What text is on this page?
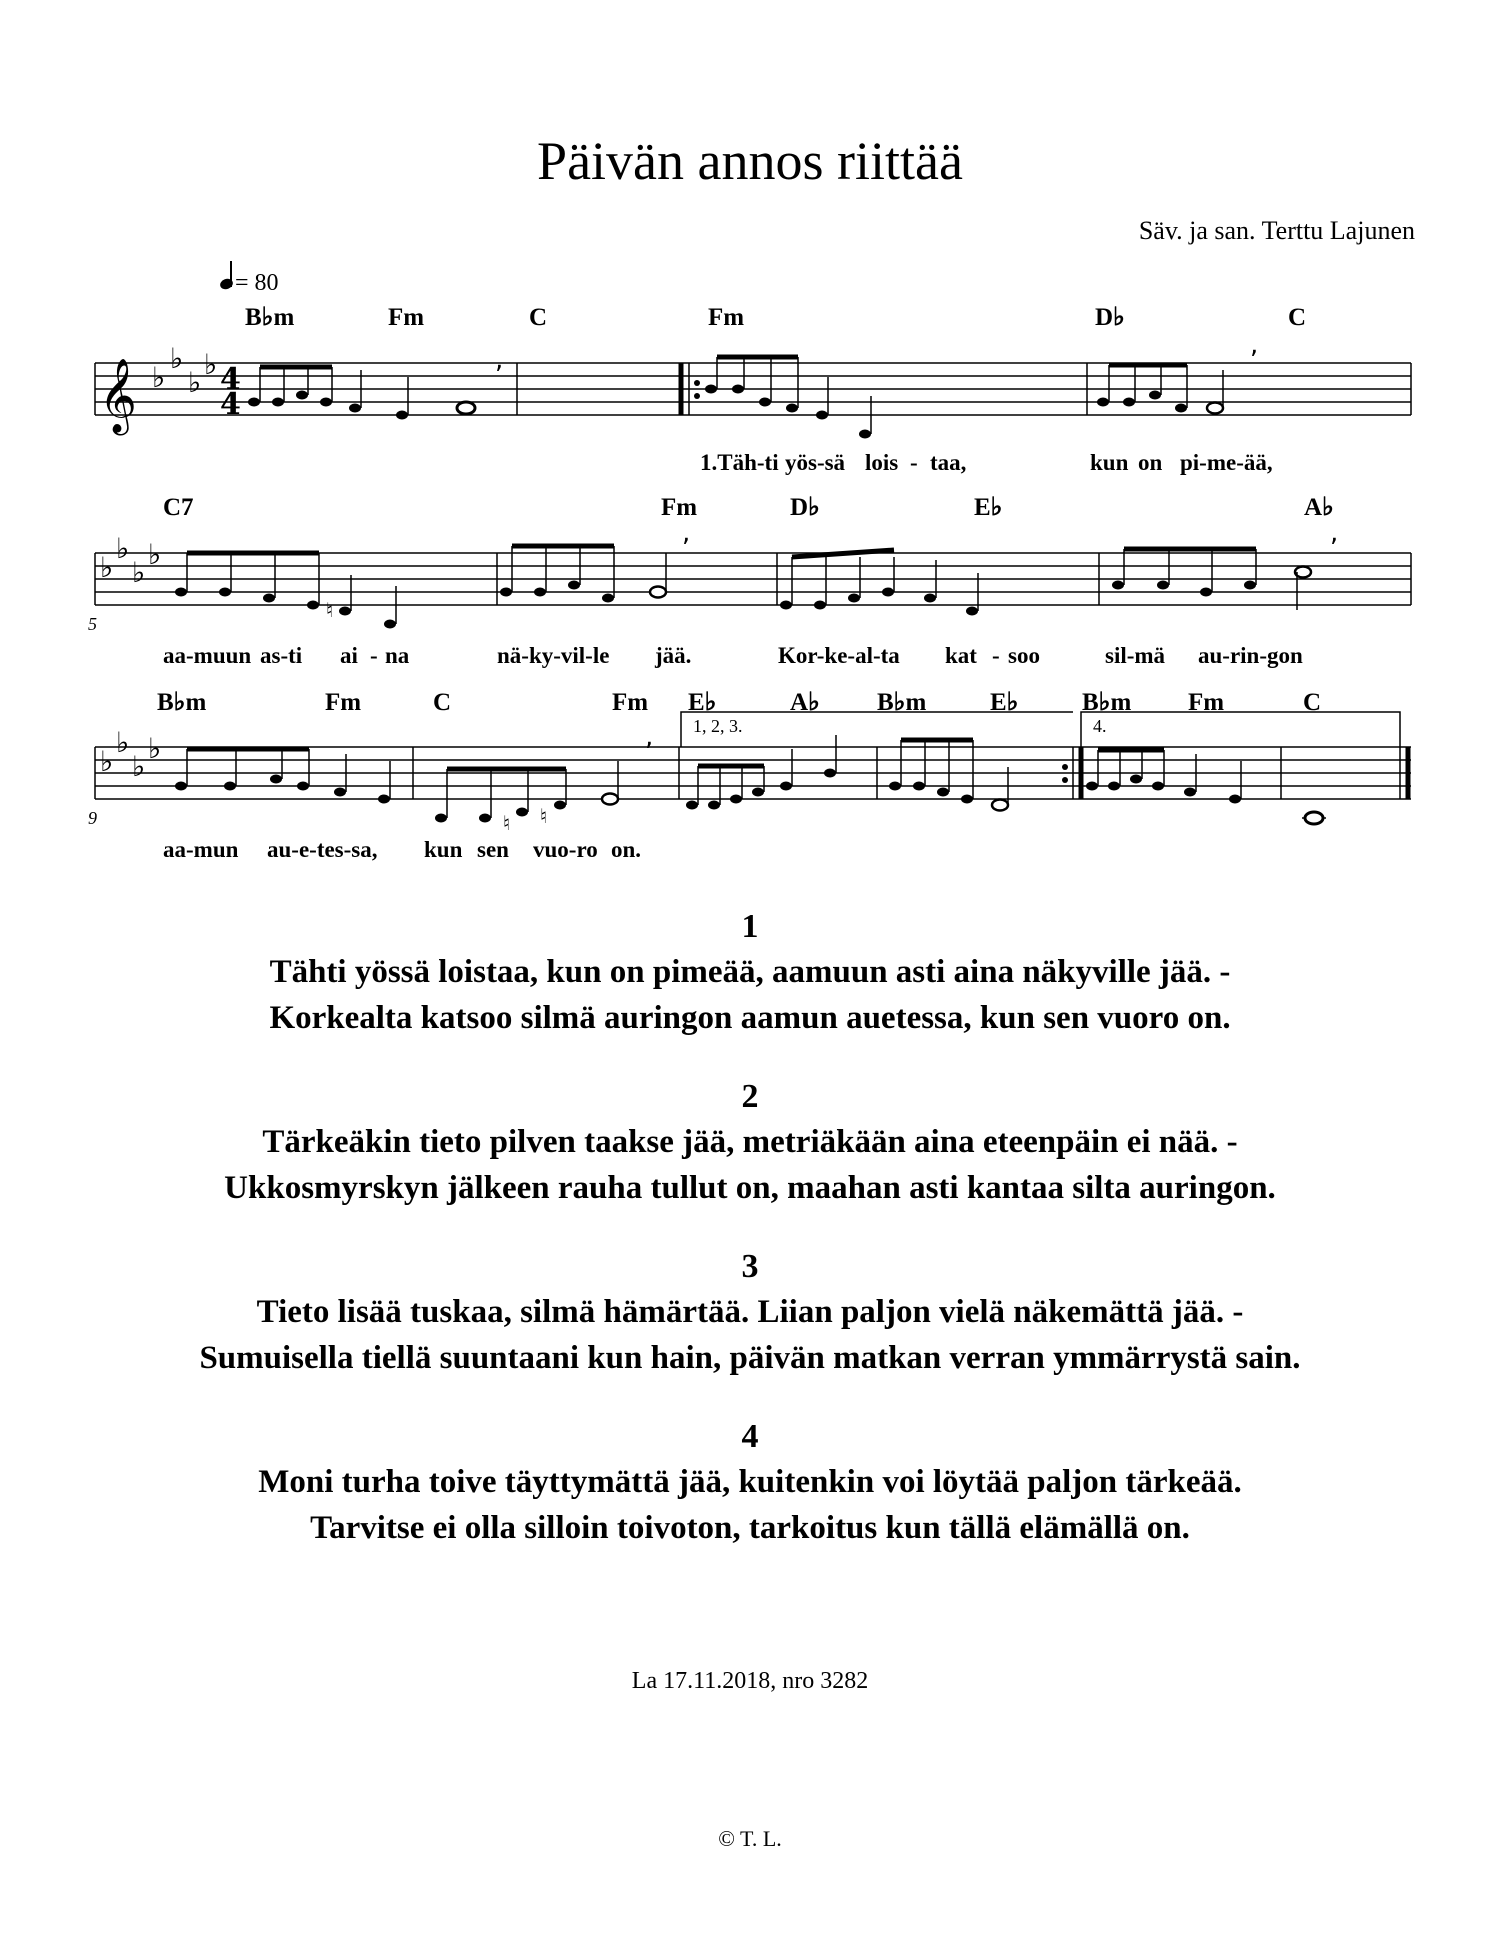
Päivän annos riittää
Säv. ja san. Terttu Lajunen
= 80
B♭m	Fm	C	Fm	D♭	C
C7	Fm	D♭	E♭	A♭
B♭m	Fm	C	Fm E♭	A♭ B♭m	E♭	B♭m Fm	C
𝄞 ♭
♭
♭
♭
♭
♭
♭
♭
♭
♭
♭
♭
4
4
,	,
♮
,	,
♮ ♮
, 1, 2, 3.	4.
5
9
1.Täh-ti yös-sä lois - taa,	kun on pi-me-ää,
aa-muun as-ti ai - na	nä-ky-vil-le jää.	Kor-ke-al-ta kat - soo	sil-mä au-rin-gon
aa-mun au-e-tes-sa, kun sen vuo-ro on.
1
Tähti yössä loistaa, kun on pimeää, aamuun asti aina näkyville jää. -
Korkealta katsoo silmä auringon aamun auetessa, kun sen vuoro on.
2
Tärkeäkin tieto pilven taakse jää, metriäkään aina eteenpäin ei nää. -
Ukkosmyrskyn jälkeen rauha tullut on, maahan asti kantaa silta auringon.
3
Tieto lisää tuskaa, silmä hämärtää. Liian paljon vielä näkemättä jää. -
Sumuisella tiellä suuntaani kun hain, päivän matkan verran ymmärrystä sain.
4
Moni turha toive täyttymättä jää, kuitenkin voi löytää paljon tärkeää.
Tarvitse ei olla silloin toivoton, tarkoitus kun tällä elämällä on.
La 17.11.2018, nro 3282
© T. L.
